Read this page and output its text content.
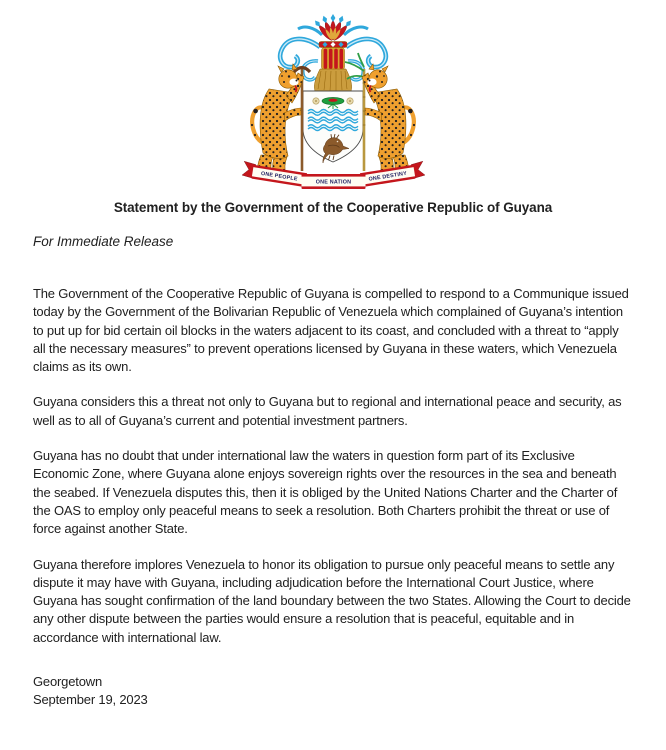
ONE PEOPLE	ONE DESTINY
ONE NATION
Statement by the Government of the Cooperative Republic of Guyana

For Immediate Release

The Government of the Cooperative Republic of Guyana is compelled to respond to a Communique issued today by the Government of the Bolivarian Republic of Venezuela which complained of Guyana’s intention to put up for bid certain oil blocks in the waters adjacent to its coast, and concluded with a threat to “apply all the necessary measures” to prevent operations licensed by Guyana in these waters, which Venezuela claims as its own.

Guyana considers this a threat not only to Guyana but to regional and international peace and security, as well as to all of Guyana’s current and potential investment partners.

Guyana has no doubt that under international law the waters in question form part of its Exclusive Economic Zone, where Guyana alone enjoys sovereign rights over the resources in the sea and beneath the seabed. If Venezuela disputes this, then it is obliged by the United Nations Charter and the Charter of the OAS to employ only peaceful means to seek a resolution. Both Charters prohibit the threat or use of force against another State.

Guyana therefore implores Venezuela to honor its obligation to pursue only peaceful means to settle any dispute it may have with Guyana, including adjudication before the International Court Justice, where Guyana has sought confirmation of the land boundary between the two States. Allowing the Court to decide any other dispute between the parties would ensure a resolution that is peaceful, equitable and in accordance with international law.

Georgetown
September 19, 2023
